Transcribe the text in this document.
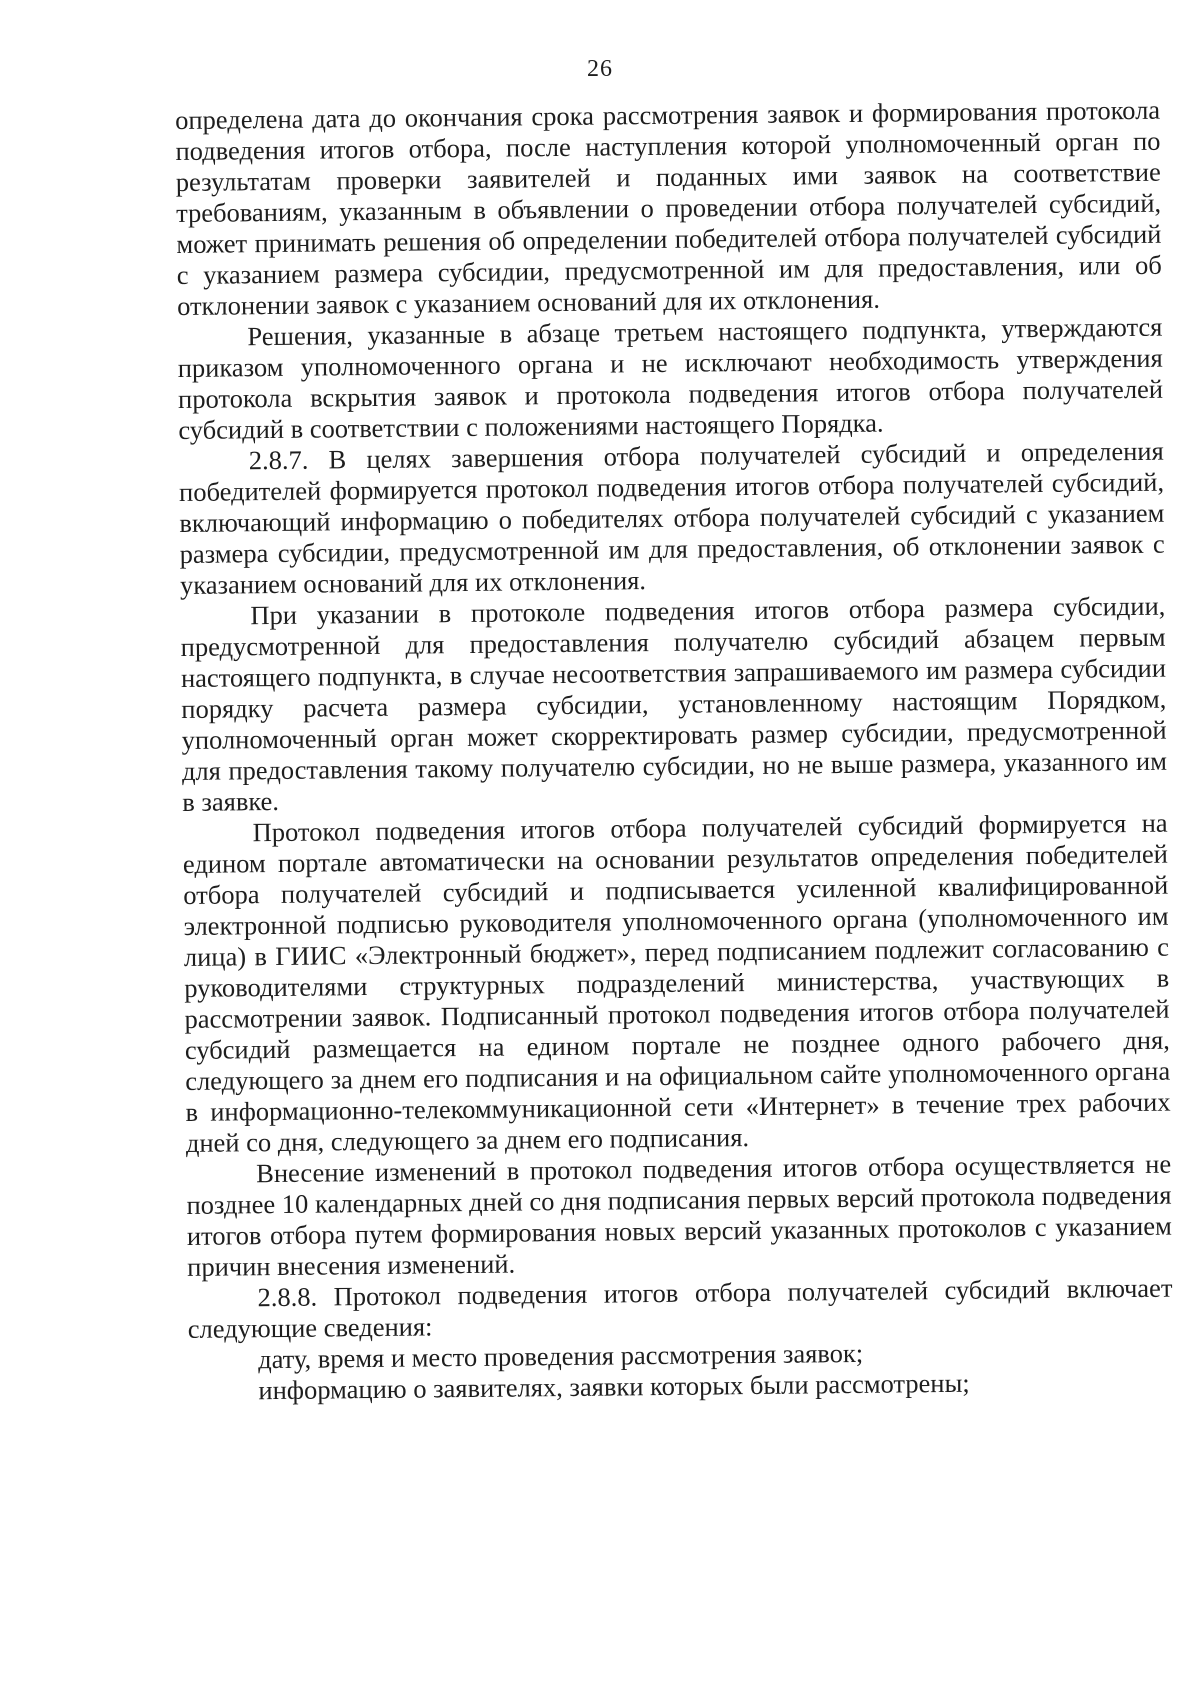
26

определена дата до окончания срока рассмотрения заявок и формирования протокола подведения итогов отбора, после наступления которой уполномоченный орган по результатам проверки заявителей и поданных ими заявок на соответствие требованиям, указанным в объявлении о проведении отбора получателей субсидий, может принимать решения об определении победителей отбора получателей субсидий с указанием размера субсидии, предусмотренной им для предоставления, или об отклонении заявок с указанием оснований для их отклонения.

Решения, указанные в абзаце третьем настоящего подпункта, утверждаются приказом уполномоченного органа и не исключают необходимость утверждения протокола вскрытия заявок и протокола подведения итогов отбора получателей субсидий в соответствии с положениями настоящего Порядка.

2.8.7. В целях завершения отбора получателей субсидий и определения победителей формируется протокол подведения итогов отбора получателей субсидий, включающий информацию о победителях отбора получателей субсидий с указанием размера субсидии, предусмотренной им для предоставления, об отклонении заявок с указанием оснований для их отклонения.

При указании в протоколе подведения итогов отбора размера субсидии, предусмотренной для предоставления получателю субсидий абзацем первым настоящего подпункта, в случае несоответствия запрашиваемого им размера субсидии порядку расчета размера субсидии, установленному настоящим Порядком, уполномоченный орган может скорректировать размер субсидии, предусмотренной для предоставления такому получателю субсидии, но не выше размера, указанного им в заявке.

Протокол подведения итогов отбора получателей субсидий формируется на едином портале автоматически на основании результатов определения победителей отбора получателей субсидий и подписывается усиленной квалифицированной электронной подписью руководителя уполномоченного органа (уполномоченного им лица) в ГИИС «Электронный бюджет», перед подписанием подлежит согласованию с руководителями структурных подразделений министерства, участвующих в рассмотрении заявок. Подписанный протокол подведения итогов отбора получателей субсидий размещается на едином портале не позднее одного рабочего дня, следующего за днем его подписания и на официальном сайте уполномоченного органа в информационно-телекоммуникационной сети «Интернет» в течение трех рабочих дней со дня, следующего за днем его подписания.

Внесение изменений в протокол подведения итогов отбора осуществляется не позднее 10 календарных дней со дня подписания первых версий протокола подведения итогов отбора путем формирования новых версий указанных протоколов с указанием причин внесения изменений.

2.8.8. Протокол подведения итогов отбора получателей субсидий включает следующие сведения:

дату, время и место проведения рассмотрения заявок;

информацию о заявителях, заявки которых были рассмотрены;
